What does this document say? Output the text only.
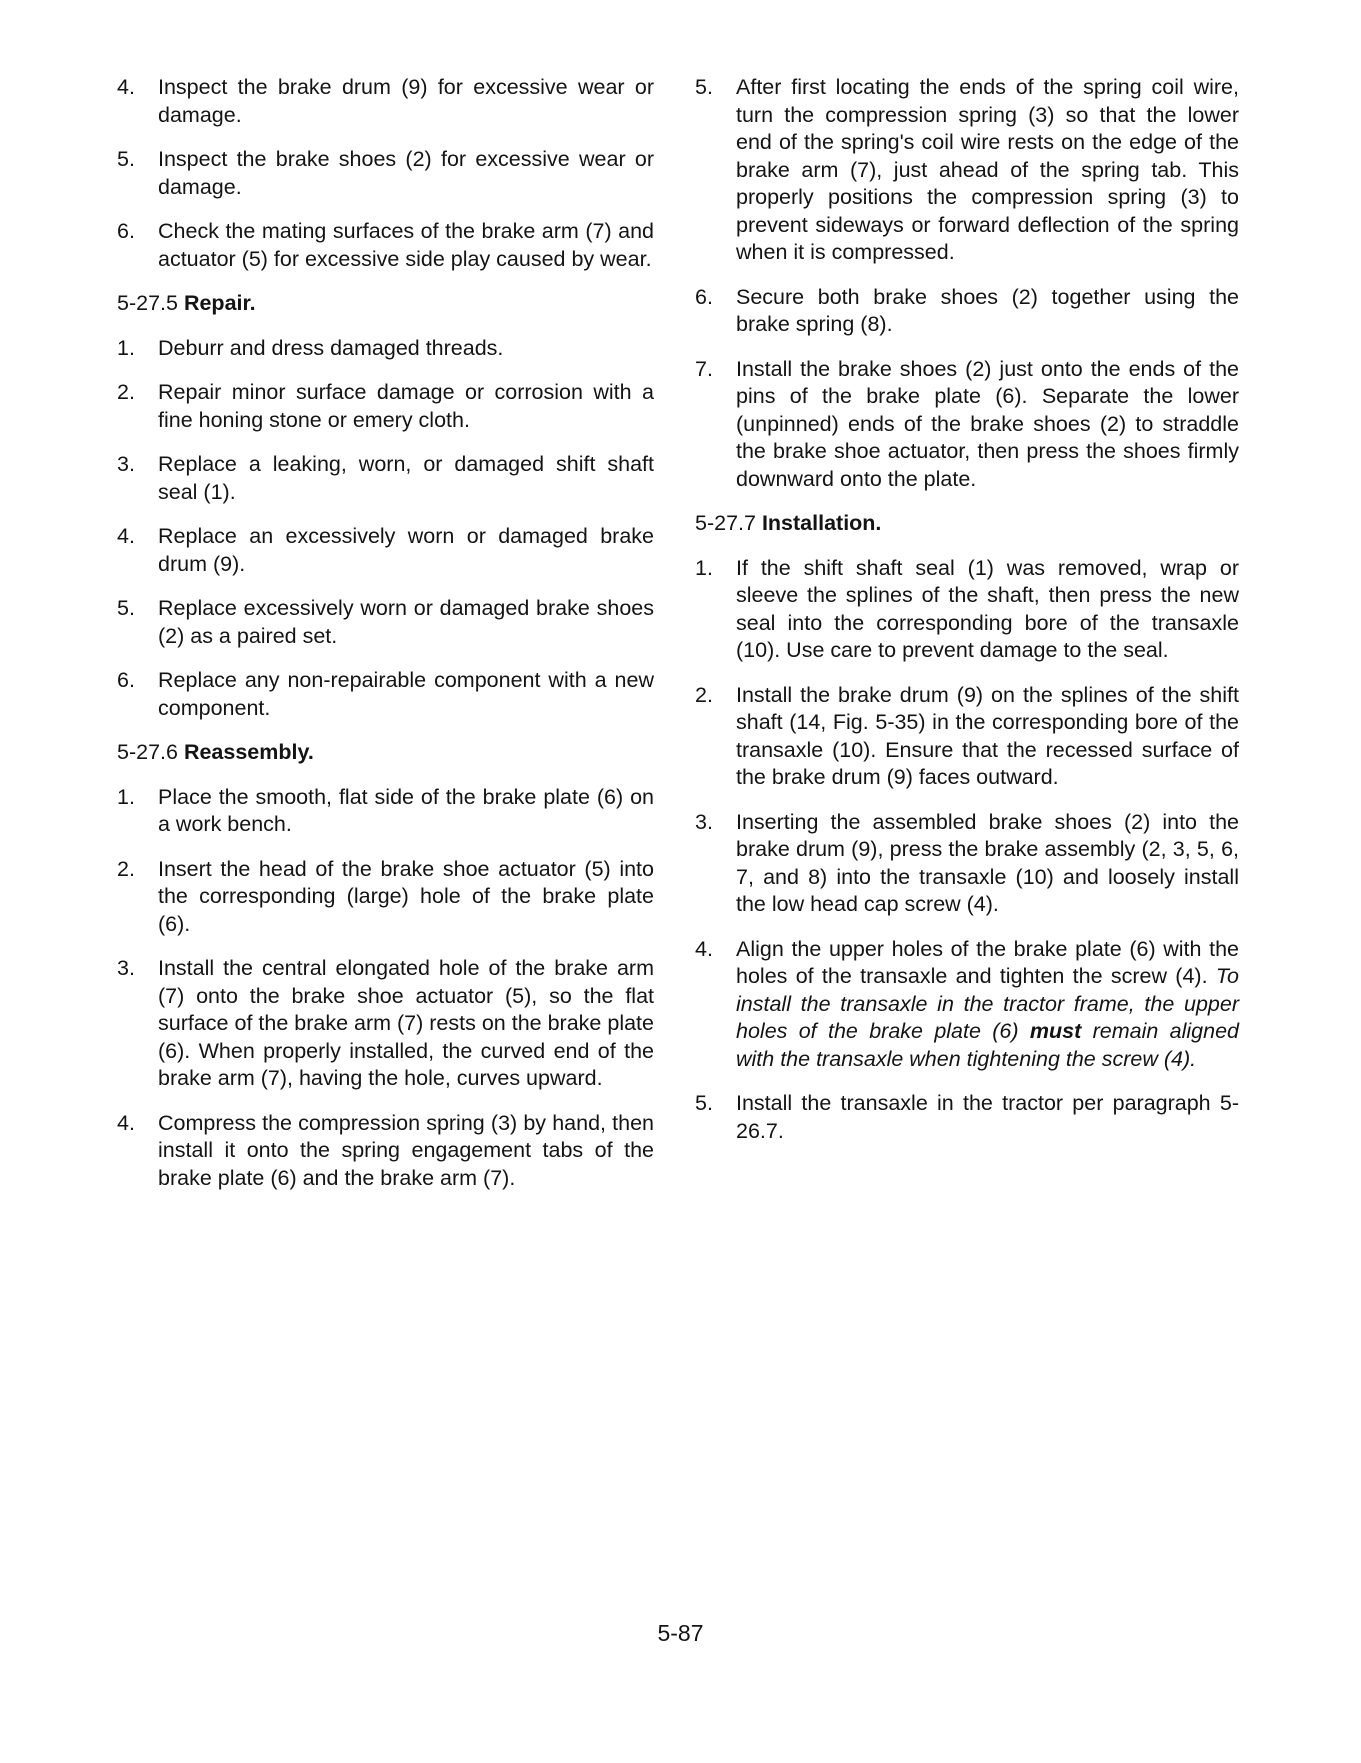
4. Inspect the brake drum (9) for excessive wear or damage.
5. Inspect the brake shoes (2) for excessive wear or damage.
6. Check the mating surfaces of the brake arm (7) and actuator (5) for excessive side play caused by wear.
5-27.5 Repair.
1. Deburr and dress damaged threads.
2. Repair minor surface damage or corrosion with a fine honing stone or emery cloth.
3. Replace a leaking, worn, or damaged shift shaft seal (1).
4. Replace an excessively worn or damaged brake drum (9).
5. Replace excessively worn or damaged brake shoes (2) as a paired set.
6. Replace any non-repairable component with a new component.
5-27.6 Reassembly.
1. Place the smooth, flat side of the brake plate (6) on a work bench.
2. Insert the head of the brake shoe actuator (5) into the corresponding (large) hole of the brake plate (6).
3. Install the central elongated hole of the brake arm (7) onto the brake shoe actuator (5), so the flat surface of the brake arm (7) rests on the brake plate (6). When properly installed, the curved end of the brake arm (7), having the hole, curves upward.
4. Compress the compression spring (3) by hand, then install it onto the spring engagement tabs of the brake plate (6) and the brake arm (7).
5. After first locating the ends of the spring coil wire, turn the compression spring (3) so that the lower end of the spring's coil wire rests on the edge of the brake arm (7), just ahead of the spring tab. This properly positions the compression spring (3) to prevent sideways or forward deflection of the spring when it is compressed.
6. Secure both brake shoes (2) together using the brake spring (8).
7. Install the brake shoes (2) just onto the ends of the pins of the brake plate (6). Separate the lower (unpinned) ends of the brake shoes (2) to straddle the brake shoe actuator, then press the shoes firmly downward onto the plate.
5-27.7 Installation.
1. If the shift shaft seal (1) was removed, wrap or sleeve the splines of the shaft, then press the new seal into the corresponding bore of the transaxle (10). Use care to prevent damage to the seal.
2. Install the brake drum (9) on the splines of the shift shaft (14, Fig. 5-35) in the corresponding bore of the transaxle (10). Ensure that the recessed surface of the brake drum (9) faces outward.
3. Inserting the assembled brake shoes (2) into the brake drum (9), press the brake assembly (2, 3, 5, 6, 7, and 8) into the transaxle (10) and loosely install the low head cap screw (4).
4. Align the upper holes of the brake plate (6) with the holes of the transaxle and tighten the screw (4). To install the transaxle in the tractor frame, the upper holes of the brake plate (6) must remain aligned with the transaxle when tightening the screw (4).
5. Install the transaxle in the tractor per paragraph 5-26.7.
5-87
